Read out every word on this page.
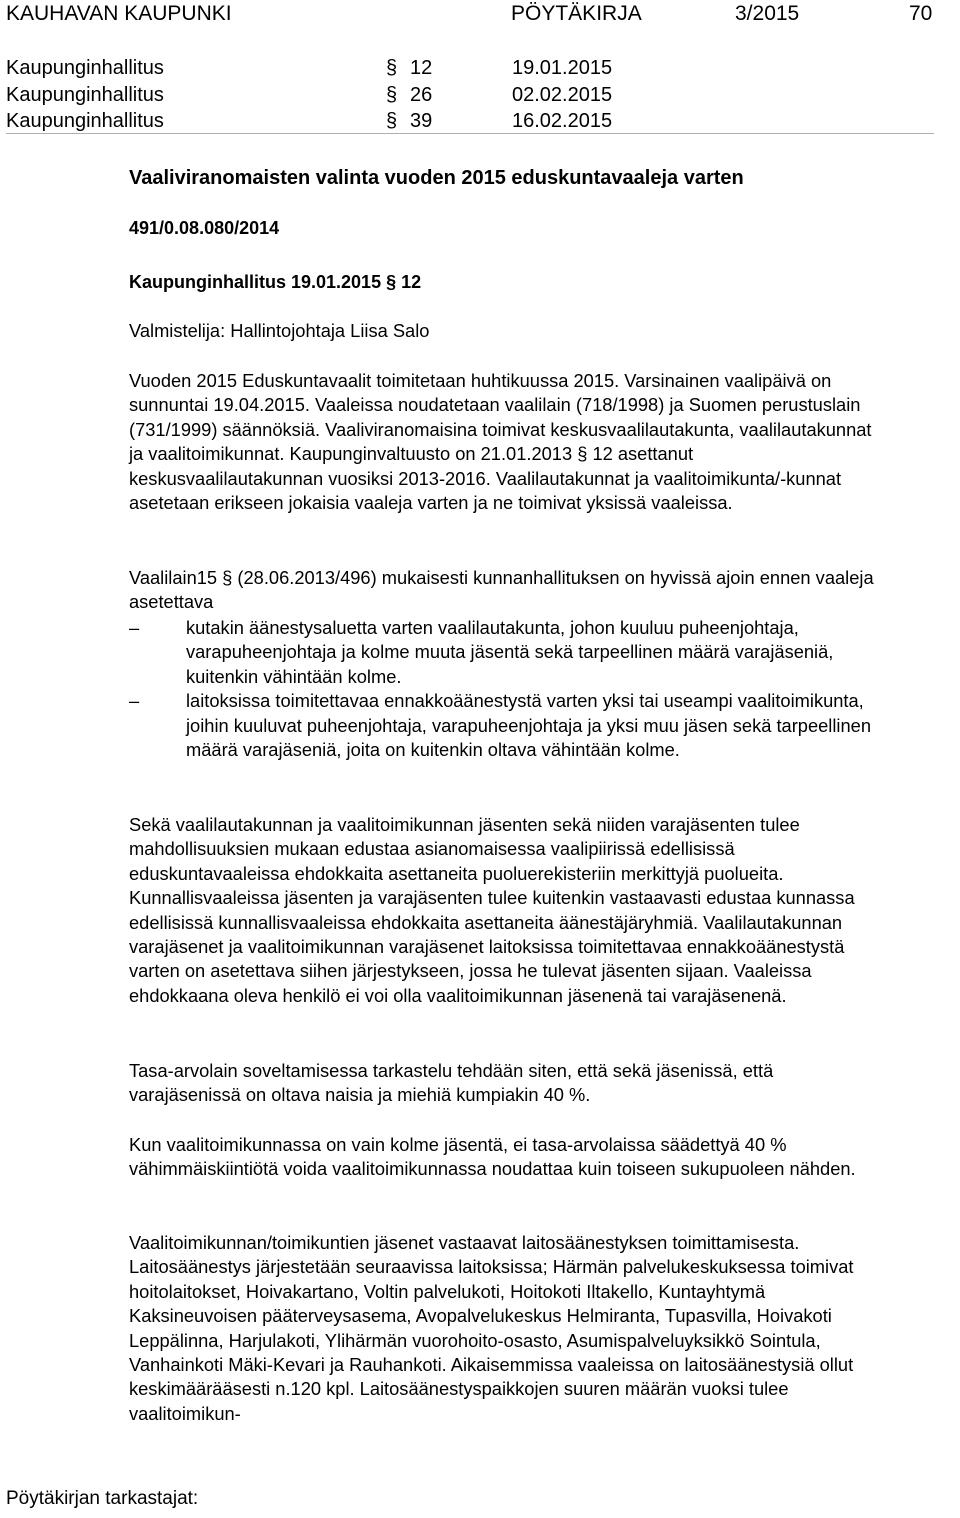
KAUHAVAN KAUPUNKI	PÖYTÄKIRJA	3/2015	70
Kaupunginhallitus	§ 12	19.01.2015
Kaupunginhallitus	§ 26	02.02.2015
Kaupunginhallitus	§ 39	16.02.2015
Vaaliviranomaisten valinta vuoden 2015 eduskuntavaaleja varten
491/0.08.080/2014
Kaupunginhallitus 19.01.2015 § 12
Valmistelija: Hallintojohtaja Liisa Salo

Vuoden 2015 Eduskuntavaalit toimitetaan huhtikuussa 2015. Varsinainen vaalipäivä on sunnuntai 19.04.2015. Vaaleissa noudatetaan vaalilain (718/1998) ja Suomen perustuslain (731/1999) säännöksiä. Vaaliviranomaisina toimivat keskusvaalilautakunta, vaalilautakunnat ja vaalitoimikunnat. Kaupunginvaltuusto on 21.01.2013 § 12 asettanut keskusvaalilautakunnan vuosiksi 2013-2016. Vaalilautakunnat ja vaalitoimikunta/-kunnat asetetaan erikseen jokaisia vaaleja varten ja ne toimivat yksissä vaaleissa.

Vaalilain15 § (28.06.2013/496) mukaisesti kunnanhallituksen on hyvissä ajoin ennen vaaleja asetettava

–	kutakin äänestysaluetta varten vaalilautakunta, johon kuuluu puheenjohtaja, varapuheenjohtaja ja kolme muuta jäsentä sekä tarpeellinen määrä varajäseniä, kuitenkin vähintään kolme.
–	laitoksissa toimitettavaa ennakkoäänestystä varten yksi tai useampi vaalitoimikunta, joihin kuuluvat puheenjohtaja, varapuheenjohtaja ja yksi muu jäsen sekä tarpeellinen määrä varajäseniä, joita on kuitenkin oltava vähintään kolme.

Sekä vaalilautakunnan ja vaalitoimikunnan jäsenten sekä niiden varajäsenten tulee mahdollisuuksien mukaan edustaa asianomaisessa vaalipiirissä edellisissä eduskuntavaaleissa ehdokkaita asettaneita puoluerekisteriin merkittyjä puolueita. Kunnallisvaaleissa jäsenten ja varajäsenten tulee kuitenkin vastaavasti edustaa kunnassa edellisissä kunnallisvaaleissa ehdokkaita asettaneita äänestäjäryhmiä. Vaalilautakunnan varajäsenet ja vaalitoimikunnan varajäsenet laitoksissa toimitettavaa ennakkoäänestystä varten on asetettava siihen järjestykseen, jossa he tulevat jäsenten sijaan. Vaaleissa ehdokkaana oleva henkilö ei voi olla vaalitoimikunnan jäsenenä tai varajäsenenä.

Tasa-arvolain soveltamisessa tarkastelu tehdään siten, että sekä jäsenissä, että varajäsenissä on oltava naisia ja miehiä kumpiakin 40 %.

Kun vaalitoimikunnassa on vain kolme jäsentä, ei tasa-arvolaissa säädettyä 40 % vähimmäiskiintiötä voida vaalitoimikunnassa noudattaa kuin toiseen sukupuoleen nähden.

Vaalitoimikunnan/toimikuntien jäsenet vastaavat laitosäänestyksen toimittamisesta. Laitosäänestys järjestetään seuraavissa laitoksissa; Härmän palvelukeskuksessa toimivat hoitolaitokset, Hoivakartano, Voltin palvelukoti, Hoitokoti Iltakello, Kuntayhtymä Kaksineuvoisen pääterveysasema, Avopalvelukeskus Helmiranta, Tupasvilla, Hoivakoti Leppälinna, Harjulakoti, Ylihärmän vuorohoito-osasto, Asumispalveluyksikkö Sointula, Vanhainkoti Mäki-Kevari ja Rauhankoti. Aikaisemmissa vaaleissa on laitosäänestysiä ollut keskimäärääsesti n.120 kpl. Laitosäänestyspaikkojen suuren määrän vuoksi tulee vaalitoimikun-

Pöytäkirjan tarkastajat:
